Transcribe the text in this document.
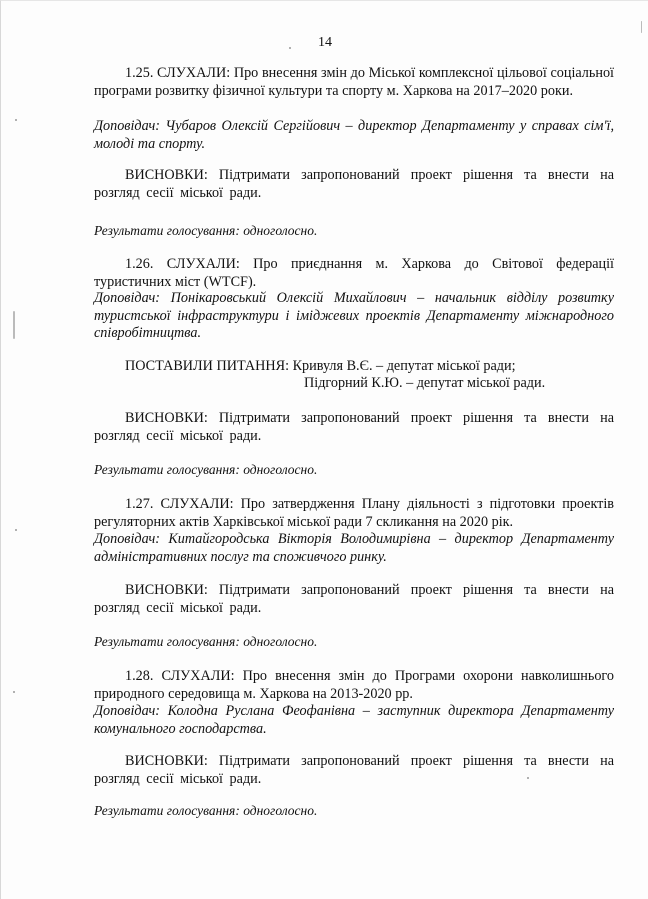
14
1.25. СЛУХАЛИ: Про внесення змін до Міської комплексної цільової соціальної програми розвитку фізичної культури та спорту м. Харкова на 2017–2020 роки.
Доповідач: Чубаров Олексій Сергійович – директор Департаменту у справах сім'ї, молоді та спорту.
ВИСНОВКИ: Підтримати запропонований проект рішення та внести на розгляд сесії міської ради.
Результати голосування: одноголосно.
1.26. СЛУХАЛИ: Про приєднання м. Харкова до Світової федерації туристичних міст (WTCF).
Доповідач: Понікаровський Олексій Михайлович – начальник відділу розвитку туристської інфраструктури і іміджевих проектів Департаменту міжнародного співробітництва.
ПОСТАВИЛИ ПИТАННЯ: Кривуля В.Є. – депутат міської ради;
Підгорний К.Ю. – депутат міської ради.
ВИСНОВКИ: Підтримати запропонований проект рішення та внести на розгляд сесії міської ради.
Результати голосування: одноголосно.
1.27. СЛУХАЛИ: Про затвердження Плану діяльності з підготовки проектів регуляторних актів Харківської міської ради 7 скликання на 2020 рік.
Доповідач: Китайгородська Вікторія Володимирівна – директор Департаменту адміністративних послуг та споживчого ринку.
ВИСНОВКИ: Підтримати запропонований проект рішення та внести на розгляд сесії міської ради.
Результати голосування: одноголосно.
1.28. СЛУХАЛИ: Про внесення змін до Програми охорони навколишнього природного середовища м. Харкова на 2013-2020 рр.
Доповідач: Колодна Руслана Феофанівна – заступник директора Департаменту комунального господарства.
ВИСНОВКИ: Підтримати запропонований проект рішення та внести на розгляд сесії міської ради.
Результати голосування: одноголосно.
